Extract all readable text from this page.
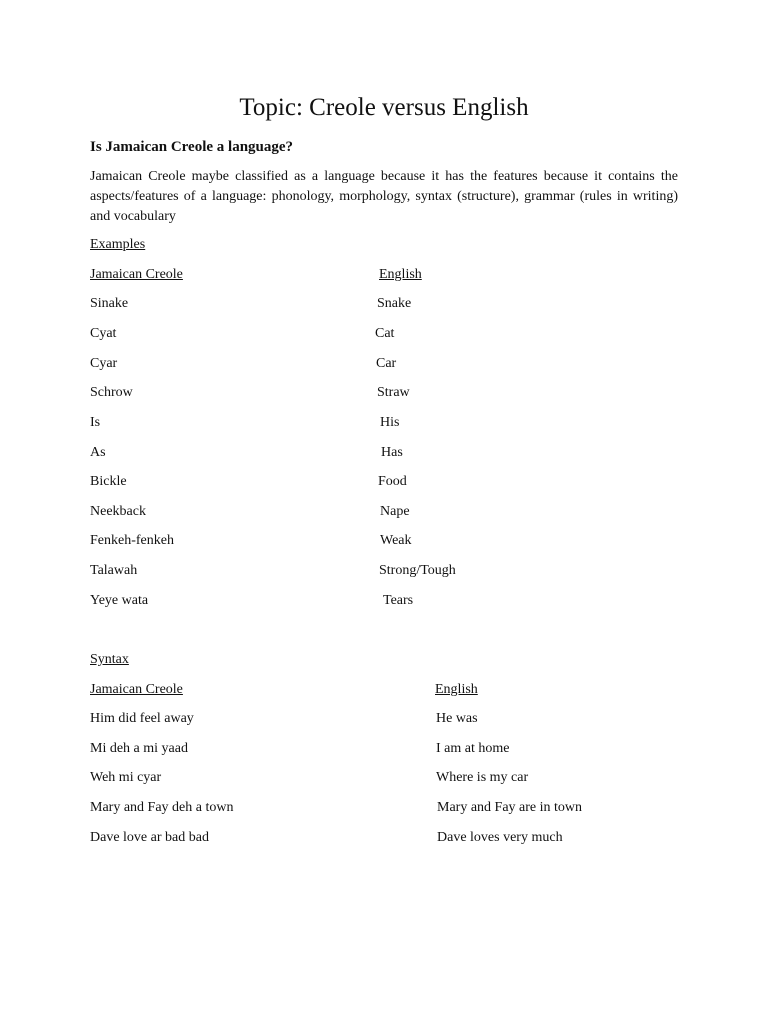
Topic: Creole versus English
Is Jamaican Creole a language?
Jamaican Creole maybe classified as a language because it has the features because it contains the aspects/features of a language: phonology, morphology, syntax (structure), grammar (rules in writing) and vocabulary
Examples
Jamaican Creole	English
Sinake	Snake
Cyat	Cat
Cyar	Car
Schrow	Straw
Is	His
As	Has
Bickle	Food
Neekback	Nape
Fenkeh-fenkeh	Weak
Talawah	Strong/Tough
Yeye wata	Tears
Syntax
Jamaican Creole	English
Him did feel away	He was
Mi deh a mi yaad	I am at home
Weh mi cyar	Where is my car
Mary and Fay deh a town	Mary and Fay are in town
Dave love ar bad bad	Dave loves very much
